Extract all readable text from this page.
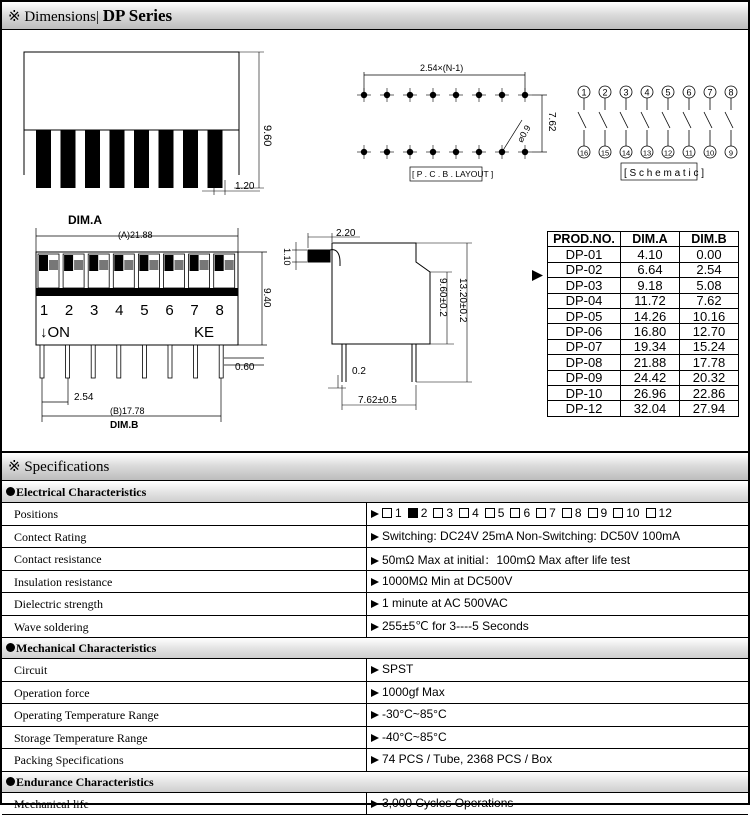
※ Dimensions| DP Series
9.60
1.20
2.54×(N-1)
⌀0.9
7.62
[ P . C . B . LAYOUT ]
1
16
2
15
3
14
4
13
5
12
6
11
7
10
8
9
[ S c h e m a t i c ]
DIM.A
1 2 3 4 5 6 7 8
(A)21.88
↓ON	KE
9.40
0.60
2.54
(B)17.78
DIM.B
2.20
1.10
9.60±0.2 13.20±0.2
0.2
7.62±0.5
PROD.NO.	DIM.A	DIM.B
DP-01	4.10	0.00
DP-02	6.64	2.54
DP-03	9.18	5.08
DP-04	11.72	7.62
DP-05	14.26	10.16
DP-06	16.80	12.70
DP-07	19.34	15.24
DP-08	21.88	17.78
DP-09	24.42	20.32
DP-10	26.96	22.86
DP-12	32.04	27.94
※ Specifications
Electrical Characteristics
Positions	1 2 3 4 5 6 7 8 9 10 12
Contect Rating	Switching: DC24V 25mA Non-Switching: DC50V 100mA
Contact resistance	50mΩ Max at initial：100mΩ Max after life test
Insulation resistance	1000MΩ Min at DC500V
Dielectric strength	1 minute at AC 500VAC
Wave soldering	255±5℃ for 3----5 Seconds
Mechanical Characteristics
Circuit	SPST
Operation force	1000gf Max
Operating Temperature Range	-30°C~85°C
Storage Temperature Range	-40°C~85°C
Packing Specifications	74 PCS / Tube, 2368 PCS / Box
Endurance Characteristics
Mechanical life	3,000 Cycles Operations
